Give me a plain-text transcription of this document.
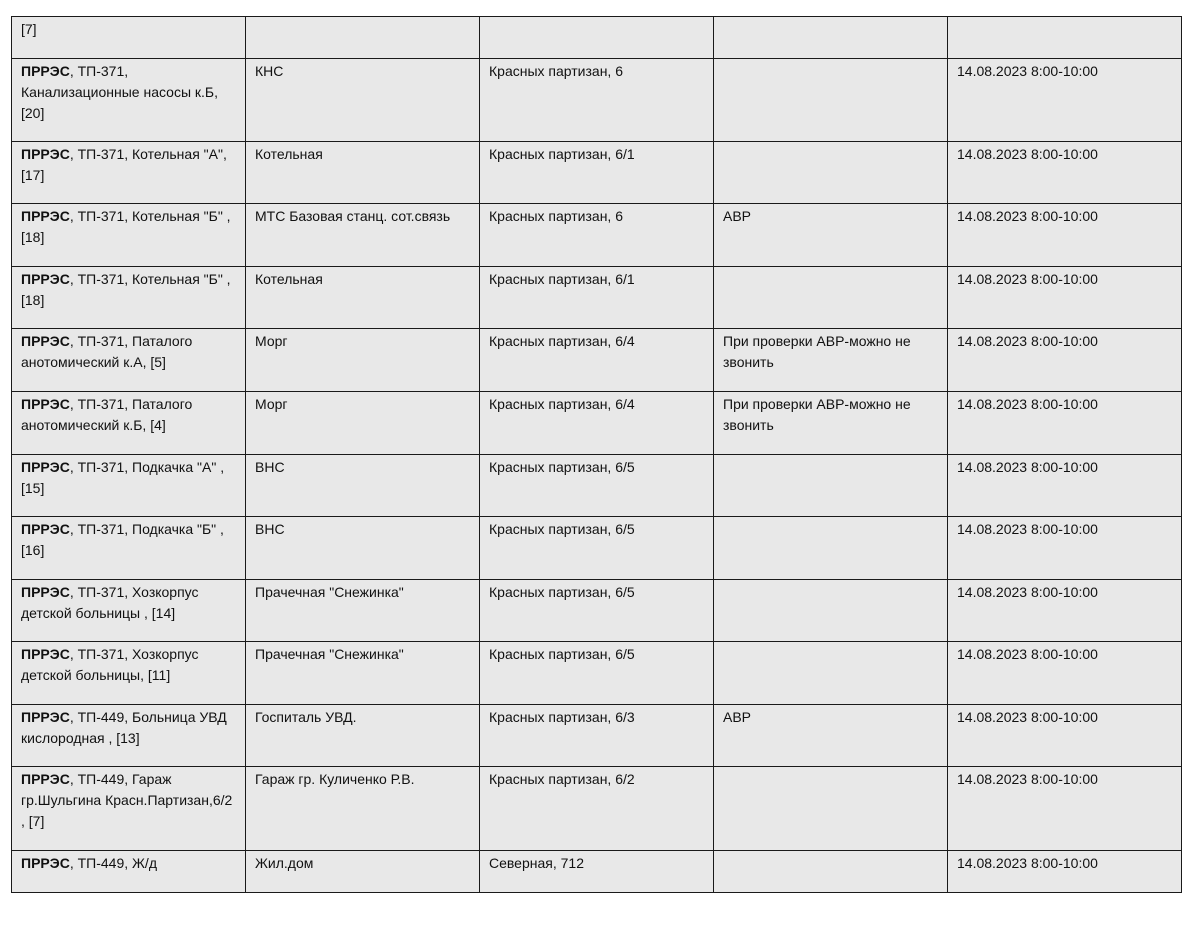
[7]				
ПРРЭС, ТП-371, Канализационные насосы к.Б, [20]	КНС	Красных партизан, 6		14.08.2023 8:00-10:00
ПРРЭС, ТП-371, Котельная "А", [17]	Котельная	Красных партизан, 6/1		14.08.2023 8:00-10:00
ПРРЭС, ТП-371, Котельная "Б" , [18]	МТС Базовая станц. сот.связь	Красных партизан, 6	АВР	14.08.2023 8:00-10:00
ПРРЭС, ТП-371, Котельная "Б" , [18]	Котельная	Красных партизан, 6/1		14.08.2023 8:00-10:00
ПРРЭС, ТП-371, Паталого анотомический к.А, [5]	Морг	Красных партизан, 6/4	При проверки АВР-можно не звонить	14.08.2023 8:00-10:00
ПРРЭС, ТП-371, Паталого анотомический к.Б, [4]	Морг	Красных партизан, 6/4	При проверки АВР-можно не звонить	14.08.2023 8:00-10:00
ПРРЭС, ТП-371, Подкачка "А" , [15]	ВНС	Красных партизан, 6/5		14.08.2023 8:00-10:00
ПРРЭС, ТП-371, Подкачка "Б" , [16]	ВНС	Красных партизан, 6/5		14.08.2023 8:00-10:00
ПРРЭС, ТП-371, Хозкорпус детской больницы , [14]	Прачечная "Снежинка"	Красных партизан, 6/5		14.08.2023 8:00-10:00
ПРРЭС, ТП-371, Хозкорпус детской больницы, [11]	Прачечная "Снежинка"	Красных партизан, 6/5		14.08.2023 8:00-10:00
ПРРЭС, ТП-449, Больница УВД кислородная , [13]	Госпиталь УВД.	Красных партизан, 6/3	АВР	14.08.2023 8:00-10:00
ПРРЭС, ТП-449, Гараж гр.Шульгина Красн.Партизан,6/2 , [7]	Гараж гр. Куличенко Р.В.	Красных партизан, 6/2		14.08.2023 8:00-10:00
ПРРЭС, ТП-449, Ж/д	Жил.дом	Северная, 712		14.08.2023 8:00-10:00
